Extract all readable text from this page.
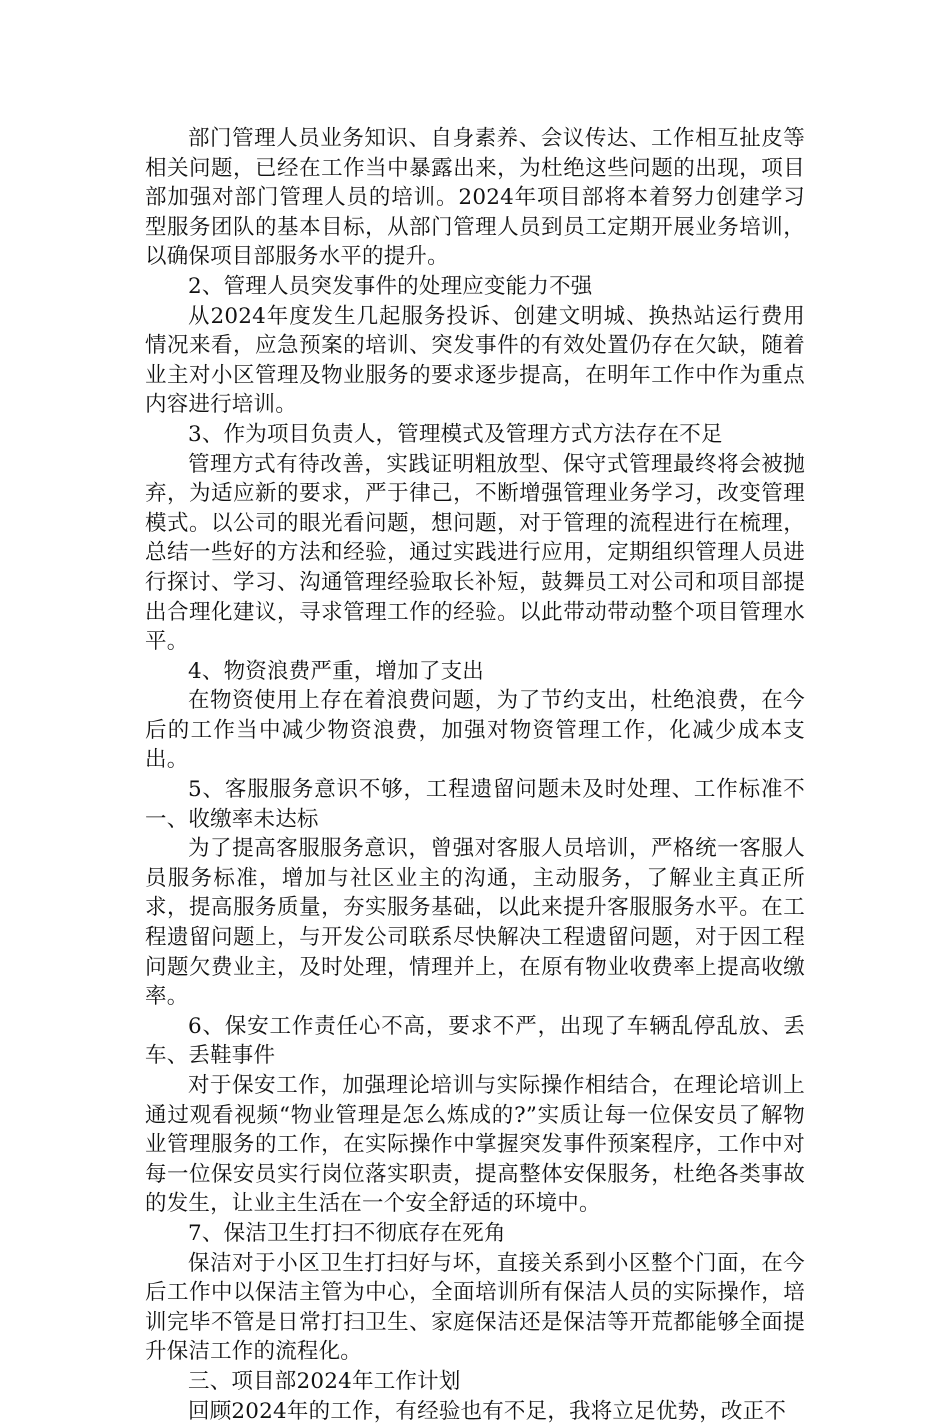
部门管理人员业务知识、自身素养、会议传达、工作相互扯皮等相关问题，已经在工作当中暴露出来，为杜绝这些问题的出现，项目部加强对部门管理人员的培训。2024年项目部将本着努力创建学习型服务团队的基本目标，从部门管理人员到员工定期开展业务培训，以确保项目部服务水平的提升。

2、管理人员突发事件的处理应变能力不强

从2024年度发生几起服务投诉、创建文明城、换热站运行费用情况来看，应急预案的培训、突发事件的有效处置仍存在欠缺，随着业主对小区管理及物业服务的要求逐步提高，在明年工作中作为重点内容进行培训。

3、作为项目负责人，管理模式及管理方式方法存在不足

管理方式有待改善，实践证明粗放型、保守式管理最终将会被抛弃，为适应新的要求，严于律己，不断增强管理业务学习，改变管理模式。以公司的眼光看问题，想问题，对于管理的流程进行在梳理，总结一些好的方法和经验，通过实践进行应用，定期组织管理人员进行探讨、学习、沟通管理经验取长补短，鼓舞员工对公司和项目部提出合理化建议，寻求管理工作的经验。以此带动带动整个项目管理水平。

4、物资浪费严重，增加了支出

在物资使用上存在着浪费问题，为了节约支出，杜绝浪费，在今后的工作当中减少物资浪费，加强对物资管理工作，化减少成本支出。

5、客服服务意识不够，工程遗留问题未及时处理、工作标准不一、收缴率未达标

为了提高客服服务意识，曾强对客服人员培训，严格统一客服人员服务标准，增加与社区业主的沟通，主动服务，了解业主真正所求，提高服务质量，夯实服务基础，以此来提升客服服务水平。在工程遗留问题上，与开发公司联系尽快解决工程遗留问题，对于因工程问题欠费业主，及时处理，情理并上，在原有物业收费率上提高收缴率。

6、保安工作责任心不高，要求不严，出现了车辆乱停乱放、丢车、丢鞋事件

对于保安工作，加强理论培训与实际操作相结合，在理论培训上通过观看视频“物业管理是怎么炼成的?”实质让每一位保安员了解物业管理服务的工作，在实际操作中掌握突发事件预案程序，工作中对每一位保安员实行岗位落实职责，提高整体安保服务，杜绝各类事故的发生，让业主生活在一个安全舒适的环境中。

7、保洁卫生打扫不彻底存在死角

保洁对于小区卫生打扫好与坏，直接关系到小区整个门面，在今后工作中以保洁主管为中心，全面培训所有保洁人员的实际操作，培训完毕不管是日常打扫卫生、家庭保洁还是保洁等开荒都能够全面提升保洁工作的流程化。

三、项目部2024年工作计划

回顾2024年的工作，有经验也有不足，我将立足优势，改正不
